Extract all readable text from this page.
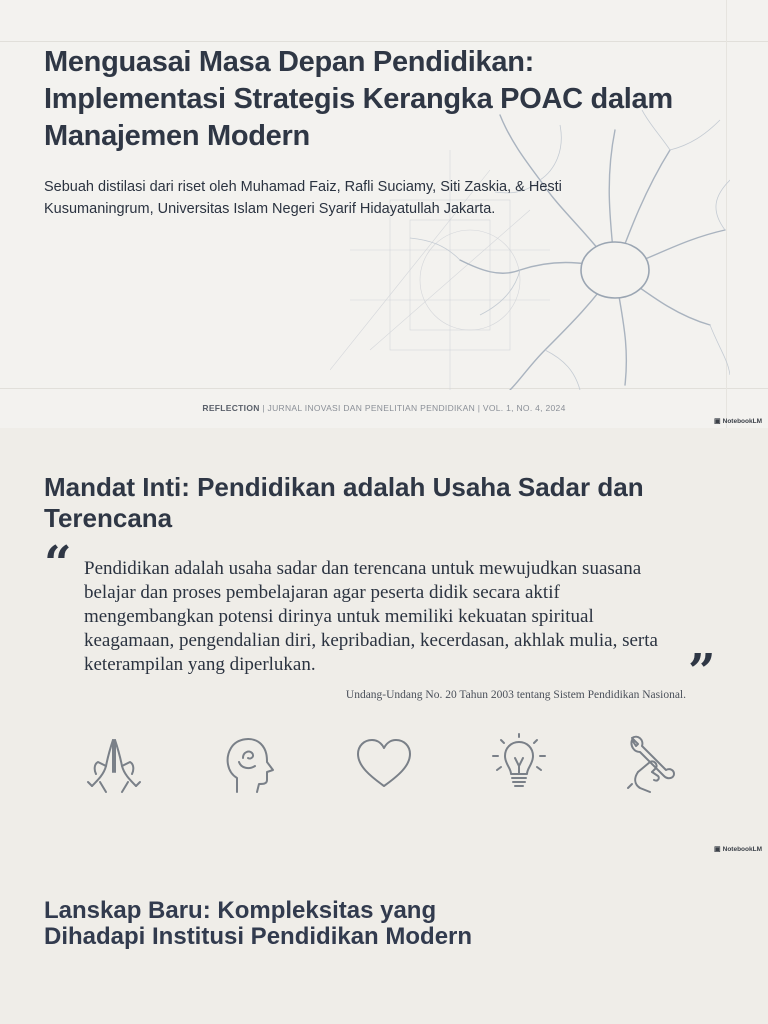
Menguasai Masa Depan Pendidikan: Implementasi Strategis Kerangka POAC dalam Manajemen Modern

Sebuah distilasi dari riset oleh Muhamad Faiz, Rafli Suciamy, Siti Zaskia, & Hesti Kusumaningrum, Universitas Islam Negeri Syarif Hidayatullah Jakarta.

REFLECTION | JURNAL INOVASI DAN PENELITIAN PENDIDIKAN | VOL. 1, NO. 4, 2024
▣ NotebookLM
Mandat Inti: Pendidikan adalah Usaha Sadar dan Terencana
“ Pendidikan adalah usaha sadar dan terencana untuk mewujudkan suasana belajar dan proses pembelajaran agar peserta didik secara aktif mengembangkan potensi dirinya untuk memiliki kekuatan spiritual keagamaan, pengendalian diri, kepribadian, kecerdasan, akhlak mulia, serta keterampilan yang diperlukan.	”
Undang-Undang No. 20 Tahun 2003 tentang Sistem Pendidikan Nasional.
▣ NotebookLM
Lanskap Baru: Kompleksitas yang Dihadapi Institusi Pendidikan Modern
